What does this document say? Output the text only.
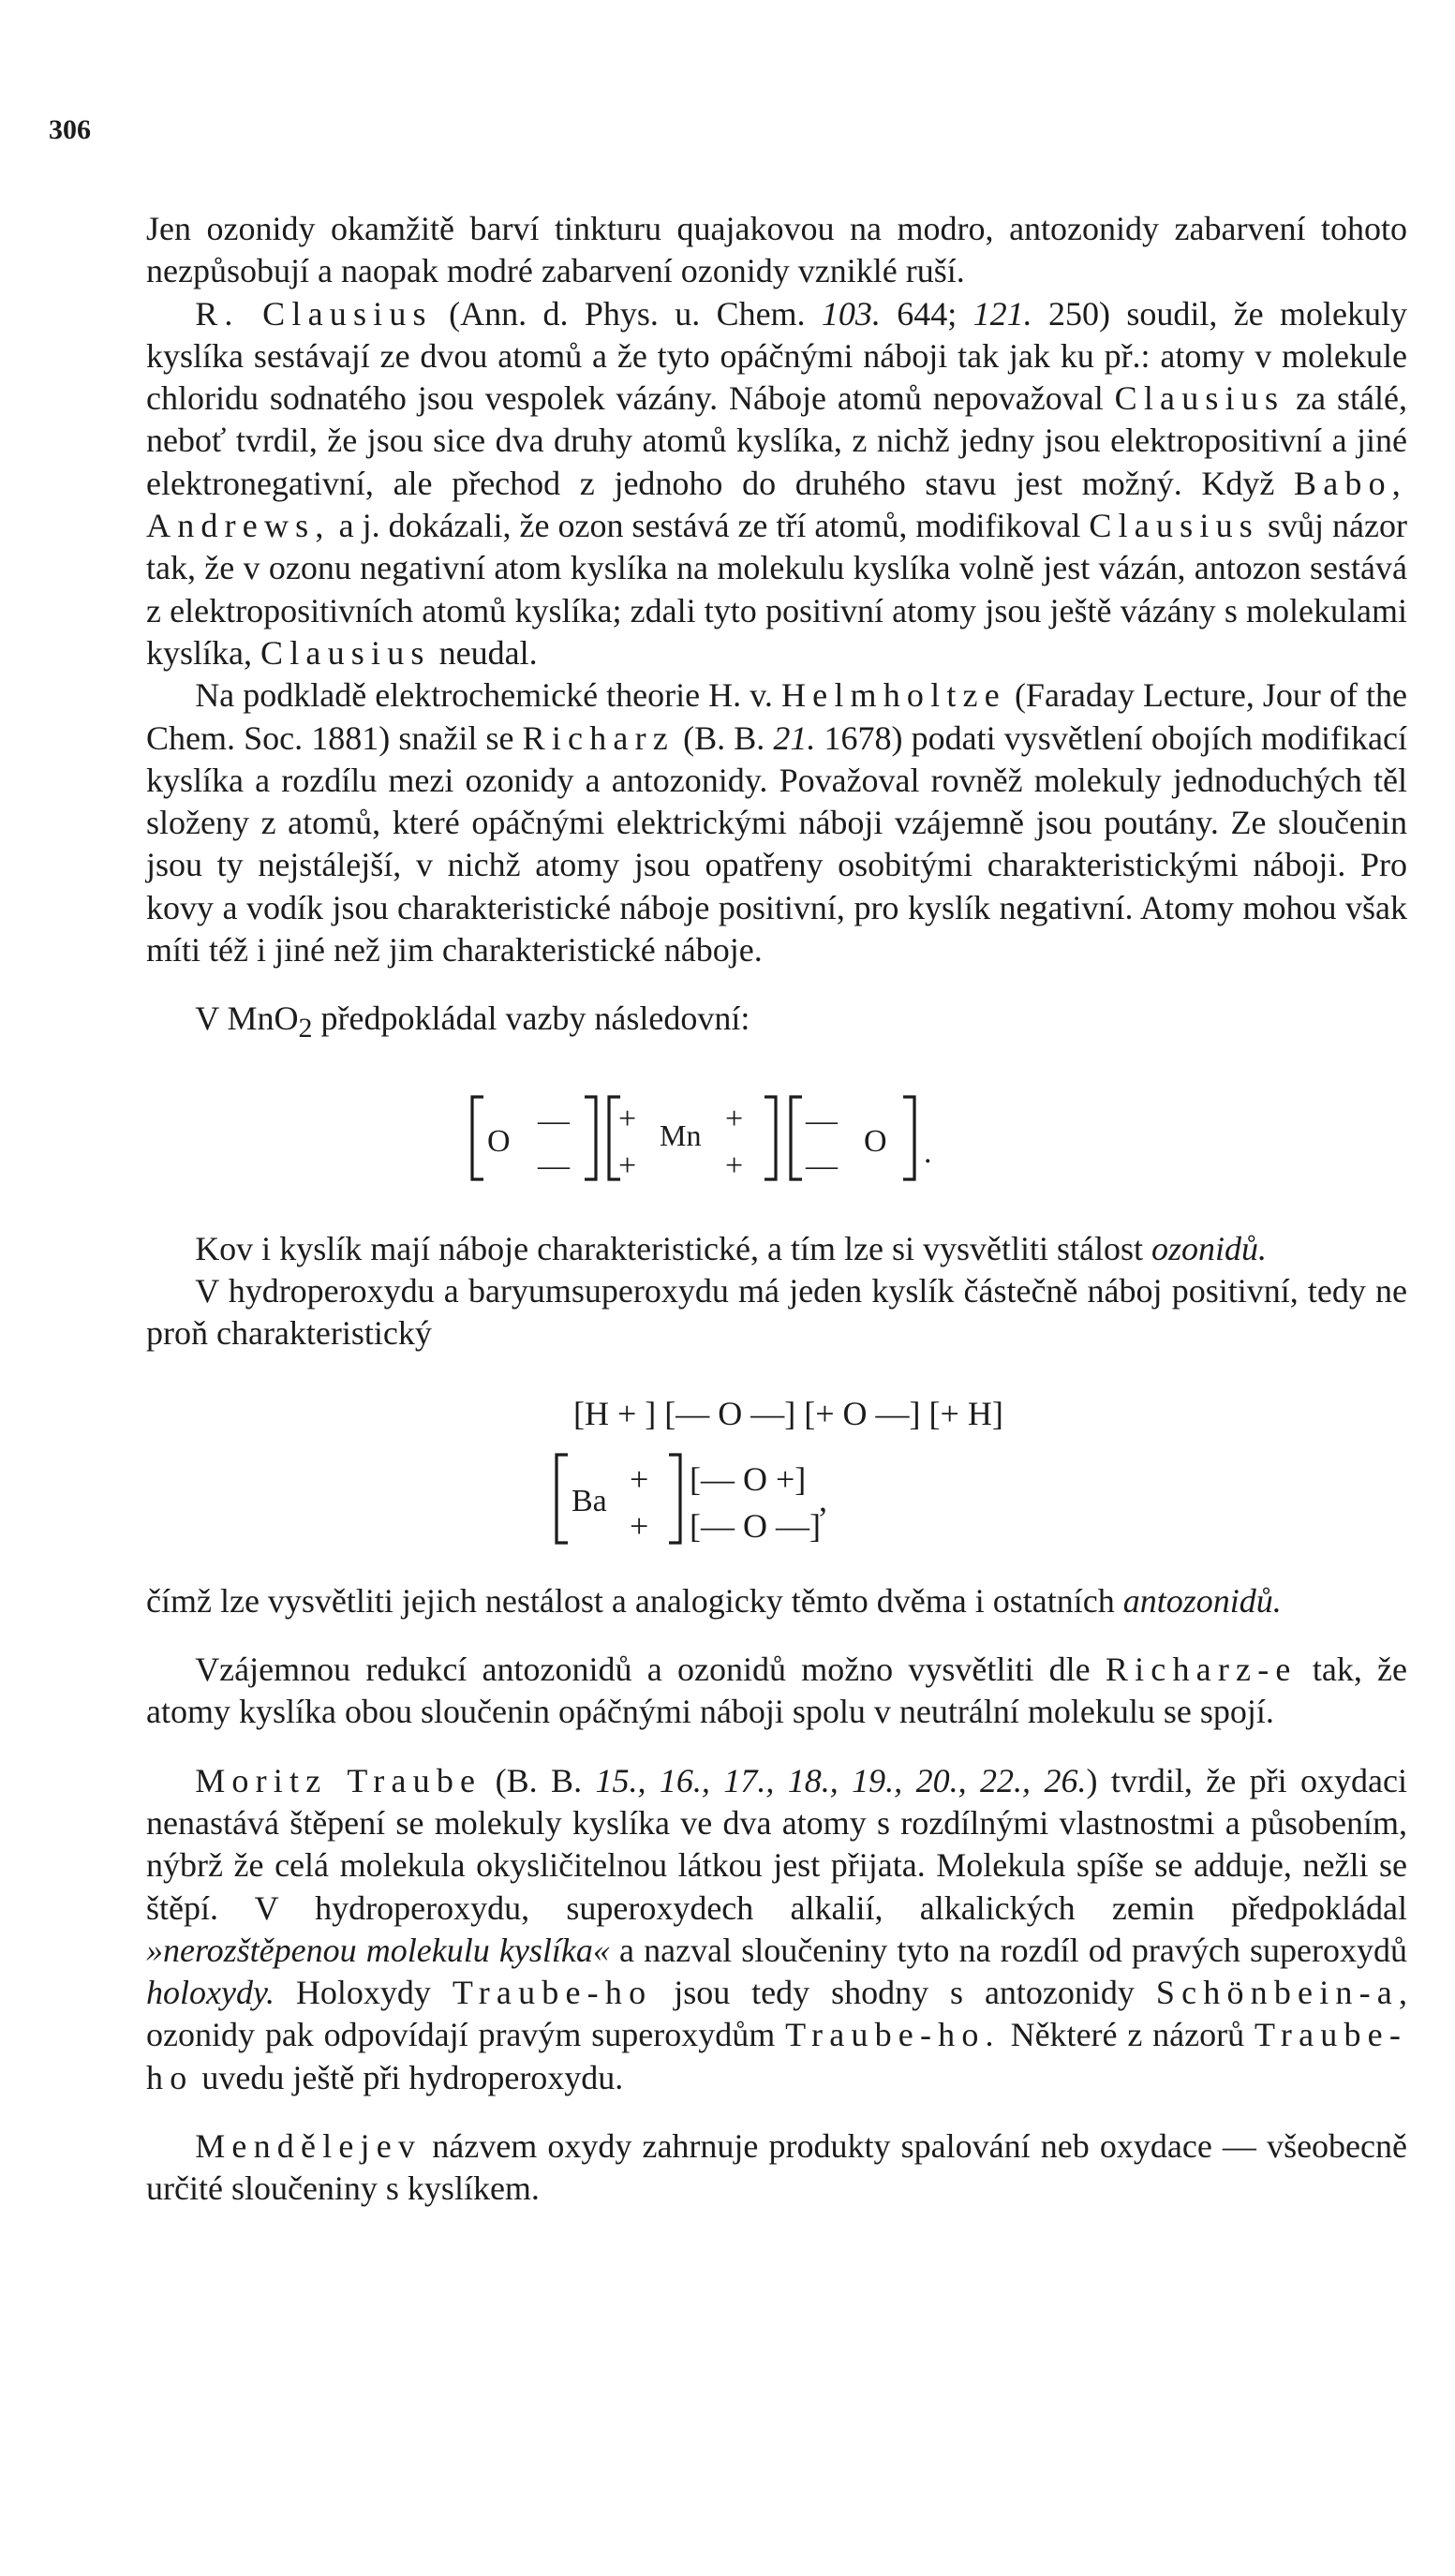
306

Jen ozonidy okamžitě barví tinkturu quajakovou na modro, antozonidy zabarvení tohoto nezpůsobují a naopak modré zabarvení ozonidy vzniklé ruší.

R. Clausius (Ann. d. Phys. u. Chem. 103. 644; 121. 250) soudil, že molekuly kyslíka sestávají ze dvou atomů a že tyto opáčnými náboji tak jak ku př.: atomy v molekule chloridu sodnatého jsou vespolek vázány. Náboje atomů nepovažoval Clausius za stálé, neboť tvrdil, že jsou sice dva druhy atomů kyslíka, z nichž jedny jsou elektropositivní a jiné elektronegativní, ale přechod z jednoho do druhého stavu jest možný. Když Babo, Andrews, a j. dokázali, že ozon sestává ze tří atomů, modifikoval Clausius svůj názor tak, že v ozonu negativní atom kyslíka na molekulu kyslíka volně jest vázán, antozon sestává z elektropositivních atomů kyslíka; zdali tyto positivní atomy jsou ještě vázány s molekulami kyslíka, Clausius neudal.

Na podkladě elektrochemické theorie H. v. Helmholtze (Faraday Lecture, Jour of the Chem. Soc. 1881) snažil se Richarz (B. B. 21. 1678) podati vysvětlení obojích modifikací kyslíka a rozdílu mezi ozonidy a antozonidy. Považoval rovněž molekuly jednoduchých těl složeny z atomů, které opáčnými elektrickými náboji vzájemně jsou poutány. Ze sloučenin jsou ty nejstálejší, v nichž atomy jsou opatřeny osobitými charakteristickými náboji. Pro kovy a vodík jsou charakteristické náboje positivní, pro kyslík negativní. Atomy mohou však míti též i jiné než jim charakteristické náboje.

V MnO$_2$ předpokládal vazby následovní:

O
—
—
+
+
Mn +
+
—
—
O .

Kov i kyslík mají náboje charakteristické, a tím lze si vysvětliti stálost ozonidů.

V hydroperoxydu a baryumsuperoxydu má jeden kyslík částečně náboj positivní, tedy ne proň charakteristický

[H + ] [— O —] [+ O —] [+ H]
Ba
+
+
[— O +]
[— O —]
,

čímž lze vysvětliti jejich nestálost a analogicky těmto dvěma i ostatních antozonidů.

Vzájemnou redukcí antozonidů a ozonidů možno vysvětliti dle Richarz-e tak, že atomy kyslíka obou sloučenin opáčnými náboji spolu v neutrální molekulu se spojí.

Moritz Traube (B. B. 15., 16., 17., 18., 19., 20., 22., 26.) tvrdil, že při oxydaci nenastává štěpení se molekuly kyslíka ve dva atomy s rozdílnými vlastnostmi a působením, nýbrž že celá molekula okysličitelnou látkou jest přijata. Molekula spíše se adduje, nežli se štěpí. V hydroperoxydu, superoxydech alkalií, alkalických zemin předpokládal »nerozštěpenou molekulu kyslíka« a nazval sloučeniny tyto na rozdíl od pravých superoxydů holoxydy. Holoxydy Traube-ho jsou tedy shodny s antozonidy Schönbein-a, ozonidy pak odpovídají pravým superoxydům Traube-ho. Některé z názorů Traube-ho uvedu ještě při hydroperoxydu.

Mendělejev názvem oxydy zahrnuje produkty spalování neb oxydace — všeobecně určité sloučeniny s kyslíkem.
